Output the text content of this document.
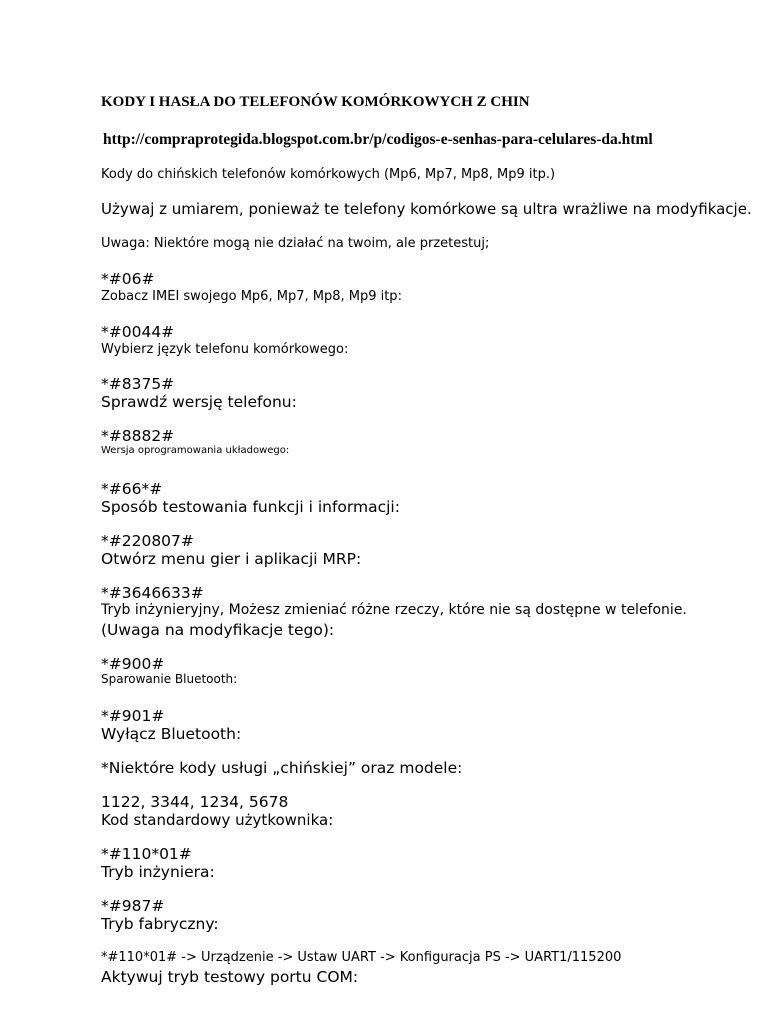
KODY I HASŁA DO TELEFONÓW KOMÓRKOWYCH Z CHIN

http://compraprotegida.blogspot.com.br/p/codigos-e-senhas-para-celulares-da.html

Kody do chińskich telefonów komórkowych (Mp6, Mp7, Mp8, Mp9 itp.)

Używaj z umiarem, ponieważ te telefony komórkowe są ultra wrażliwe na modyfikacje.

Uwaga: Niektóre mogą nie działać na twoim, ale przetestuj;

*#06#

Zobacz IMEI swojego Mp6, Mp7, Mp8, Mp9 itp:

*#0044#

Wybierz język telefonu komórkowego:

*#8375#

Sprawdź wersję telefonu:

*#8882#

Wersja oprogramowania układowego:

*#66*#

Sposób testowania funkcji i informacji:

*#220807#

Otwórz menu gier i aplikacji MRP:

*#3646633#

Tryb inżynieryjny, Możesz zmieniać różne rzeczy, które nie są dostępne w telefonie.

(Uwaga na modyfikacje tego):

*#900#

Sparowanie Bluetooth:

*#901#

Wyłącz Bluetooth:

*Niektóre kody usługi „chińskiej” oraz modele:

1122, 3344, 1234, 5678

Kod standardowy użytkownika:

*#110*01#

Tryb inżyniera:

*#987#

Tryb fabryczny:

*#110*01# -> Urządzenie -> Ustaw UART -> Konfiguracja PS -> UART1/115200

Aktywuj tryb testowy portu COM:
